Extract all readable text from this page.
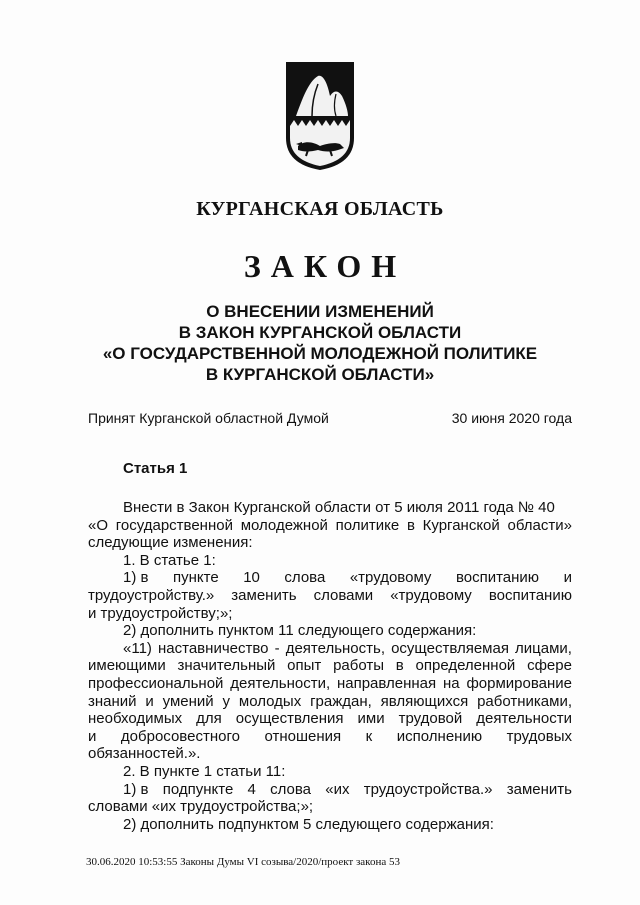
КУРГАНСКАЯ ОБЛАСТЬ
ЗАКОН
О ВНЕСЕНИИ ИЗМЕНЕНИЙ
В ЗАКОН КУРГАНСКОЙ ОБЛАСТИ
«О ГОСУДАРСТВЕННОЙ МОЛОДЕЖНОЙ ПОЛИТИКЕ
В КУРГАНСКОЙ ОБЛАСТИ»
Принят Курганской областной Думой	30 июня 2020 года
Статья 1
Внести в Закон Курганской области от 5 июля 2011 года № 40
«О государственной молодежной политике в Курганской области»
следующие изменения:
1. В статье 1:
1) в пункте 10 слова «трудовому воспитанию и
трудоустройству.» заменить словами «трудовому воспитанию
и трудоустройству;»;
2) дополнить пунктом 11 следующего содержания:
«11) наставничество - деятельность, осуществляемая лицами,
имеющими значительный опыт работы в определенной сфере
профессиональной деятельности, направленная на формирование
знаний и умений у молодых граждан, являющихся работниками,
необходимых для осуществления ими трудовой деятельности
и добросовестного отношения к исполнению трудовых
обязанностей.».
2. В пункте 1 статьи 11:
1) в подпункте 4 слова «их трудоустройства.» заменить
словами «их трудоустройства;»;
2) дополнить подпунктом 5 следующего содержания:
30.06.2020 10:53:55 Законы Думы VI созыва/2020/проект закона 53
